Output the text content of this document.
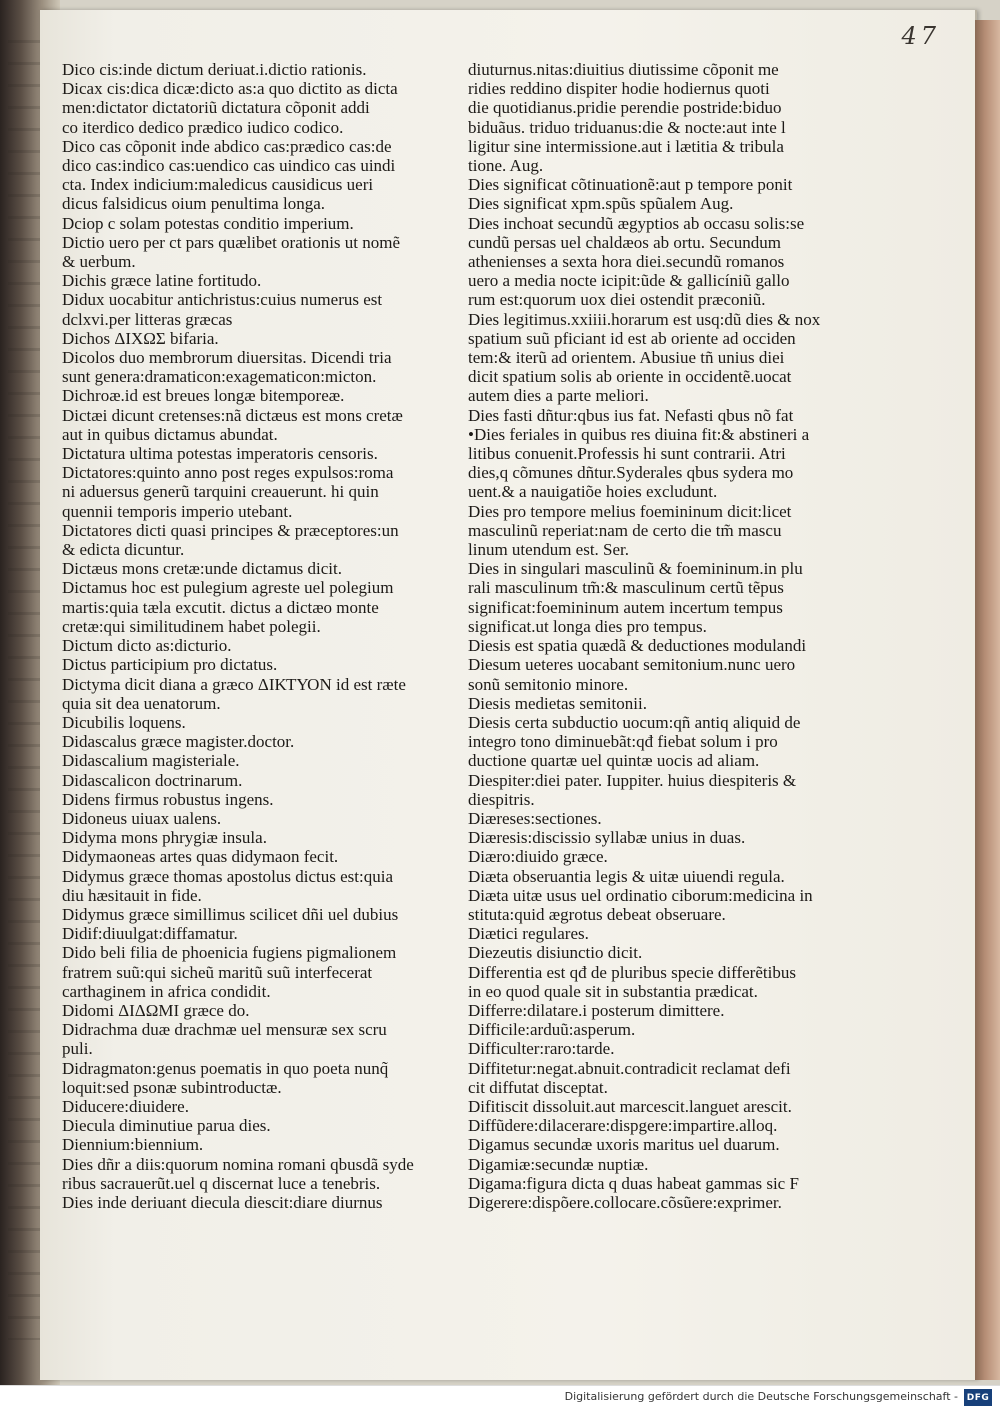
47
Dico cis:inde dictum deriuat.i.dictio rationis.
Dicax cis:dica dicæ:dicto as:a quo dictito as dicta
men:dictator dictatoriũ dictatura cõponit addi
co iterdico dedico prædico iudico codico.
Dico cas cõponit inde abdico cas:prædico cas:de
dico cas:indico cas:uendico cas uindico cas uindi
cta. Index indicium:maledicus causidicus ueri
dicus falsidicus oium penultima longa.
Dciop c solam potestas conditio imperium.
Dictio uero per ct pars quælibet orationis ut nomẽ
& uerbum.
Dichis græce latine fortitudo.
Didux uocabitur antichristus:cuius numerus est
dclxvi.per litteras græcas
Dichos ΔΙΧΩΣ bifaria.
Dicolos duo membrorum diuersitas. Dicendi tria
sunt genera:dramaticon:exagematicon:micton.
Dichroæ.id est breues longæ bitemporeæ.
Dictæi dicunt cretenses:nã dictæus est mons cretæ
aut in quibus dictamus abundat.
Dictatura ultima potestas imperatoris censoris.
Dictatores:quinto anno post reges expulsos:roma
ni aduersus generũ tarquini creauerunt. hi quin
quennii temporis imperio utebant.
Dictatores dicti quasi principes & præceptores:un
& edicta dicuntur.
Dictæus mons cretæ:unde dictamus dicit.
Dictamus hoc est pulegium agreste uel polegium
martis:quia tæla excutit. dictus a dictæo monte
cretæ:qui similitudinem habet polegii.
Dictum dicto as:dicturio.
Dictus participium pro dictatus.
Dictyma dicit diana a græco ΔΙΚΤΥΟΝ id est ræte
quia sit dea uenatorum.
Dicubilis loquens.
Didascalus græce magister.doctor.
Didascalium magisteriale.
Didascalicon doctrinarum.
Didens firmus robustus ingens.
Didoneus uiuax ualens.
Didyma mons phrygiæ insula.
Didymaoneas artes quas didymaon fecit.
Didymus græce thomas apostolus dictus est:quia
diu hæsitauit in fide.
Didymus græce simillimus scilicet dñi uel dubius
Didif:diuulgat:diffamatur.
Dido beli filia de phoenicia fugiens pigmalionem
fratrem suũ:qui sicheũ maritũ suũ interfecerat
carthaginem in africa condidit.
Didomi ΔΙΔΩΜΙ græce do.
Didrachma duæ drachmæ uel mensuræ sex scru
puli.
Didragmaton:genus poematis in quo poeta nunq̃
loquit:sed psonæ subintroductæ.
Diducere:diuidere.
Diecula diminutiue parua dies.
Diennium:biennium.
Dies dñr a diis:quorum nomina romani qbusdã syde
ribus sacrauerũt.uel q discernat luce a tenebris.
Dies inde deriuant diecula diescit:diare diurnus
diuturnus.nitas:diuitius diutissime cõponit me
ridies reddino dispiter hodie hodiernus quoti
die quotidianus.pridie perendie postride:biduo
biduãus. triduo triduanus:die & nocte:aut inte l
ligitur sine intermissione.aut i lætitia & tribula
tione. Aug.
Dies significat cõtinuationẽ:aut p tempore ponit
Dies significat xpm.spũs spũalem Aug.
Dies inchoat secundũ ægyptios ab occasu solis:se
cundũ persas uel chaldæos ab ortu. Secundum
athenienses a sexta hora diei.secundũ romanos
uero a media nocte icipit:ũde & gallicíniũ gallo
rum est:quorum uox diei ostendit præconiũ.
Dies legitimus.xxiiii.horarum est usq:dũ dies & nox
spatium suũ pficiant id est ab oriente ad occiden
tem:& iterũ ad orientem. Abusiue tñ unius diei
dicit spatium solis ab oriente in occidentẽ.uocat
autem dies a parte meliori.
Dies fasti dñtur:qbus ius fat. Nefasti qbus nõ fat
•Dies feriales in quibus res diuina fit:& abstineri a
litibus conuenit.Professis hi sunt contrarii. Atri
dies,q cõmunes dñtur.Syderales qbus sydera mo
uent.& a nauigatiõe hoies excludunt.
Dies pro tempore melius foemininum dicit:licet
masculinũ reperiat:nam de certo die tm̃ mascu
linum utendum est. Ser.
Dies in singulari masculinũ & foemininum.in plu
rali masculinum tm̃:& masculinum certũ tẽpus
significat:foemininum autem incertum tempus
significat.ut longa dies pro tempus.
Diesis est spatia quædã & deductiones modulandi
Diesum ueteres uocabant semitonium.nunc uero
sonũ semitonio minore.
Diesis medietas semitonii.
Diesis certa subductio uocum:qñ antiq aliquid de
integro tono diminuebãt:qđ fiebat solum i pro
ductione quartæ uel quintæ uocis ad aliam.
Diespiter:diei pater. Iuppiter. huius diespiteris &
diespitris.
Diæreses:sectiones.
Diæresis:discissio syllabæ unius in duas.
Diæro:diuido græce.
Diæta obseruantia legis & uitæ uiuendi regula.
Diæta uitæ usus uel ordinatio ciborum:medicina in
stituta:quid ægrotus debeat obseruare.
Diætici regulares.
Diezeutis disiunctio dicit.
Differentia est qđ de pluribus specie differẽtibus
in eo quod quale sit in substantia prædicat.
Differre:dilatare.i posterum dimittere.
Difficile:arduũ:asperum.
Difficulter:raro:tarde.
Diffitetur:negat.abnuit.contradicit reclamat defi
cit diffutat disceptat.
Difitiscit dissoluit.aut marcescit.languet arescit.
Diffũdere:dilacerare:dispgere:impartire.alloq.
Digamus secundæ uxoris maritus uel duarum.
Digamiæ:secundæ nuptiæ.
Digama:figura dicta q duas habeat gammas sic F
Digerere:dispõere.collocare.cõsũere:exprimer.
Digitalisierung gefördert durch die Deutsche Forschungsgemeinschaft - DFG
